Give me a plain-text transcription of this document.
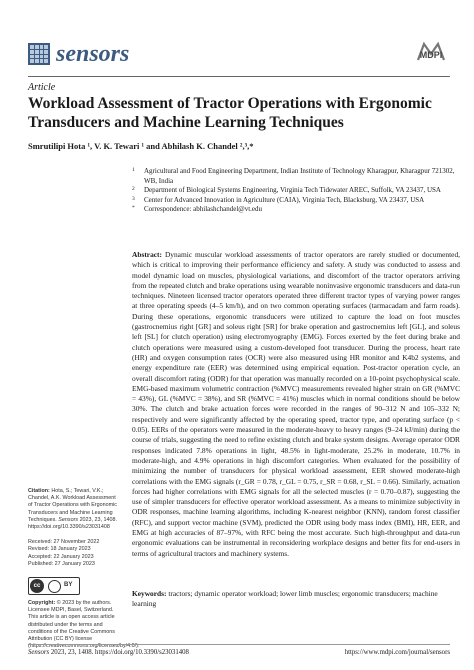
sensors	MDPI
Article
Workload Assessment of Tractor Operations with Ergonomic Transducers and Machine Learning Techniques
Smrutilipi Hota ¹, V. K. Tewari ¹ and Abhilash K. Chandel ²,³,*
1 Agricultural and Food Engineering Department, Indian Institute of Technology Kharagpur, Kharagpur 721302, WB, India
2 Department of Biological Systems Engineering, Virginia Tech Tidewater AREC, Suffolk, VA 23437, USA
3 Center for Advanced Innovation in Agriculture (CAIA), Virginia Tech, Blacksburg, VA 23437, USA
* Correspondence: abhilashchandel@vt.edu

Abstract: Dynamic muscular workload assessments of tractor operators are rarely studied or documented, which is critical to improving their performance efficiency and safety. A study was conducted to assess and model dynamic load on muscles, physiological variations, and discomfort of the tractor operators arriving from the repeated clutch and brake operations using wearable noninvasive ergonomic transducers and data-run techniques. Nineteen licensed tractor operators operated three different tractor types of varying power ranges at three operating speeds (4–5 km/h), and on two common operating surfaces (tarmacadam and farm roads). During these operations, ergonomic transducers were utilized to capture the load on foot muscles (gastrocnemius right [GR] and soleus right [SR] for brake operation and gastrocnemius left [GL], and soleus left [SL] for clutch operation) using electromyography (EMG). Forces exerted by the feet during brake and clutch operations were measured using a custom-developed foot transducer. During the process, heart rate (HR) and oxygen consumption rates (OCR) were also measured using HR monitor and K4b2 systems, and energy expenditure rate (EER) was determined using empirical equation. Post-tractor operation cycle, an overall discomfort rating (ODR) for that operation was manually recorded on a 10-point psychophysical scale. EMG-based maximum volumetric contraction (%MVC) measurements revealed higher strain on GR (%MVC = 43%), GL (%MVC = 38%), and SR (%MVC = 41%) muscles which in normal conditions should be below 30%. The clutch and brake actuation forces were recorded in the ranges of 90–312 N and 105–332 N; respectively and were significantly affected by the operating speed, tractor type, and operating surface (p < 0.05). EERs of the operators were measured in the moderate-heavy to heavy ranges (9–24 kJ/min) during the course of trials, suggesting the need to refine existing clutch and brake system designs. Average operator ODR responses indicated 7.8% operations in light, 48.5% in light-moderate, 25.2% in moderate, 10.7% in moderate-high, and 4.9% operations in high discomfort categories. When evaluated for the possibility of minimizing the number of transducers for physical workload assessment, EER showed moderate-high correlations with the EMG signals (r_GR = 0.78, r_GL = 0.75, r_SR = 0.68, r_SL = 0.66). Similarly, actuation forces had higher correlations with EMG signals for all the selected muscles (r = 0.70–0.87), suggesting the use of simpler transducers for effective operator workload assessment. As a means to minimize subjectivity in ODR responses, machine learning algorithms, including K-nearest neighbor (KNN), random forest classifier (RFC), and support vector machine (SVM), predicted the ODR using body mass index (BMI), HR, EER, and EMG at high accuracies of 87–97%, with RFC being the most accurate. Such high-throughput and data-run ergonomic evaluations can be instrumental in reconsidering workplace designs and better fits for end-users in terms of agricultural tractors and machinery systems.

Keywords: tractors; dynamic operator workload; lower limb muscles; ergonomic transducers; machine learning

Citation: Hota, S.; Tewari, V.K.; Chandel, A.K. Workload Assessment of Tractor Operations with Ergonomic Transducers and Machine Learning Techniques. Sensors 2023, 23, 1408. https://doi.org/10.3390/s23031408

Received: 27 November 2022
Revised: 18 January 2023
Accepted: 22 January 2023
Published: 27 January 2023

cc	BY

Copyright: © 2023 by the authors. Licensee MDPI, Basel, Switzerland. This article is an open access article distributed under the terms and conditions of the Creative Commons Attribution (CC BY) license (https://creativecommons.org/licenses/by/4.0/).

Sensors 2023, 23, 1408. https://doi.org/10.3390/s23031408	https://www.mdpi.com/journal/sensors
